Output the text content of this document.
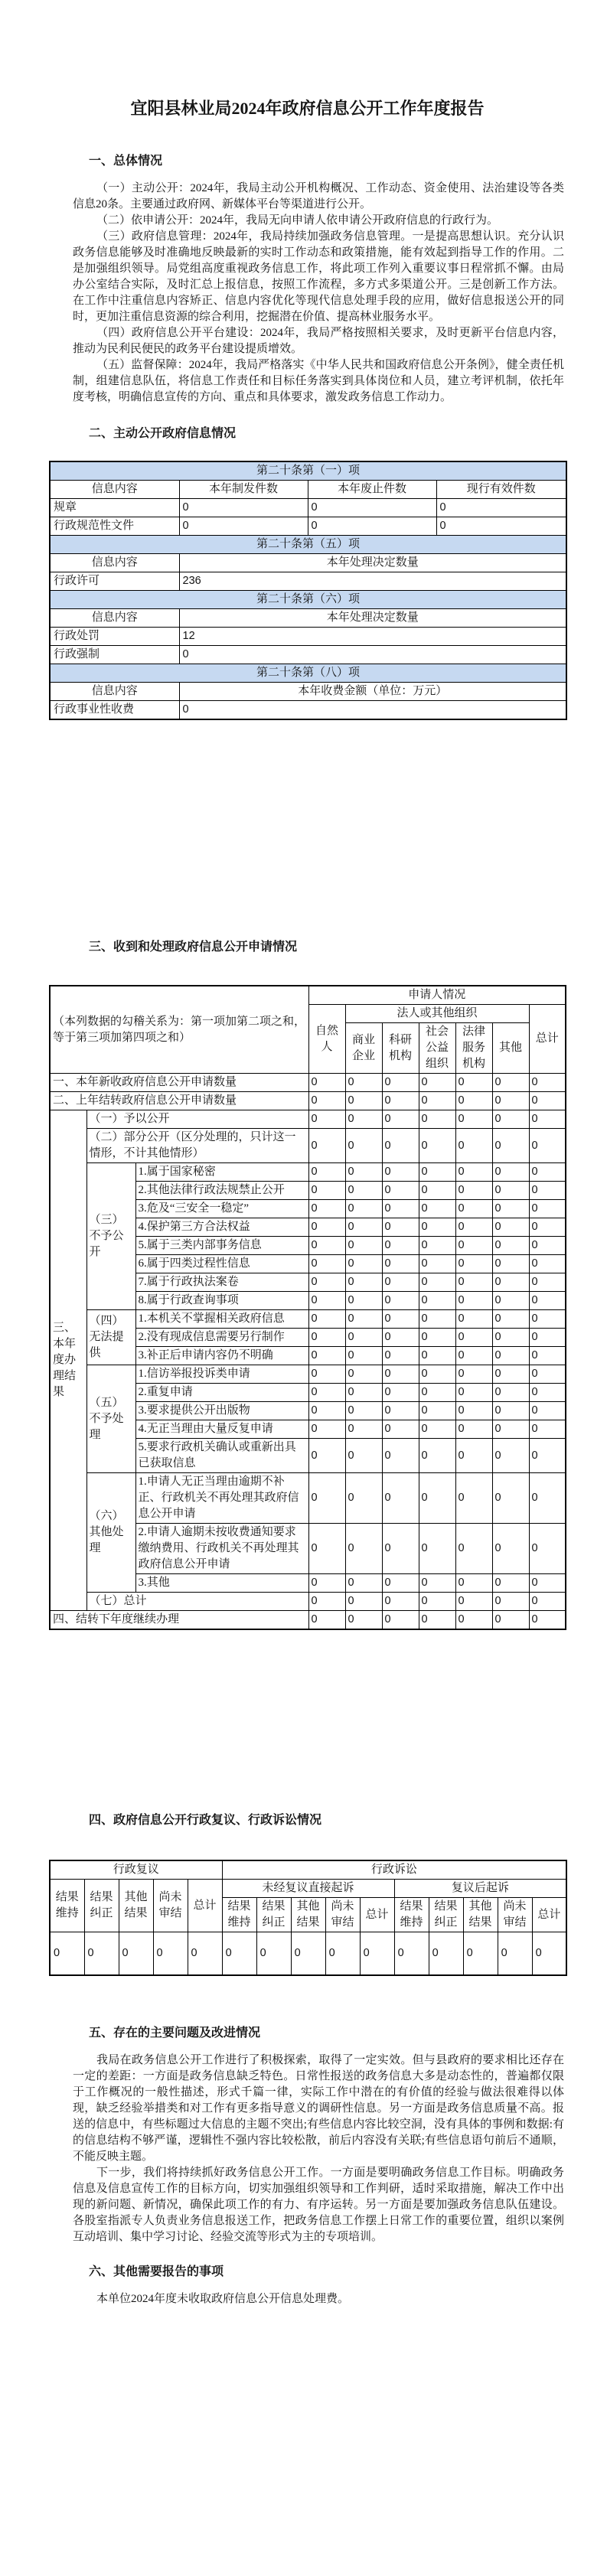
宜阳县林业局2024年政府信息公开工作年度报告
一、总体情况

（一）主动公开：2024年，我局主动公开机构概况、工作动态、资金使用、法治建设等各类信息20条。主要通过政府网、新媒体平台等渠道进行公开。

（二）依申请公开：2024年，我局无向申请人依申请公开政府信息的行政行为。

（三）政府信息管理：2024年，我局持续加强政务信息管理。一是提高思想认识。充分认识政务信息能够及时准确地反映最新的实时工作动态和政策措施，能有效起到指导工作的作用。二是加强组织领导。局党组高度重视政务信息工作，将此项工作列入重要议事日程常抓不懈。由局办公室结合实际，及时汇总上报信息，按照工作流程，多方式多渠道公开。三是创新工作方法。在工作中注重信息内容矫正、信息内容优化等现代信息处理手段的应用，做好信息报送公开的同时，更加注重信息资源的综合利用，挖掘潜在价值、提高林业服务水平。

（四）政府信息公开平台建设：2024年，我局严格按照相关要求，及时更新平台信息内容，推动为民利民便民的政务平台建设提质增效。

（五）监督保障：2024年，我局严格落实《中华人民共和国政府信息公开条例》，健全责任机制，组建信息队伍，将信息工作责任和目标任务落实到具体岗位和人员，建立考评机制，依托年度考核，明确信息宣传的方向、重点和具体要求，激发政务信息工作动力。

二、主动公开政府信息情况
第二十条第（一）项			
信息内容	本年制发件数	本年废止件数	现行有效件数
规章	0	0	0
行政规范性文件	0	0	0
第二十条第（五）项			
信息内容	本年处理决定数量		
行政许可	236		
第二十条第（六）项			
信息内容	本年处理决定数量		
行政处罚	12		
行政强制	0		
第二十条第（八）项			
信息内容	本年收费金额（单位：万元）		
行政事业性收费	0		
三、收到和处理政府信息公开申请情况
（本列数据的勾稽关系为：第一项加第二项之和，等于第三项加第四项之和）			申请人情况						
			自然人	法人或其他组织					总计
				商业企业	科研机构	社会公益组织	法律服务机构	其他	
一、本年新收政府信息公开申请数量			0	0	0	0	0	0	0
二、上年结转政府信息公开申请数量			0	0	0	0	0	0	0
三、本年度办理结果	（一）予以公开		0	0	0	0	0	0	0
	（二）部分公开（区分处理的，只计这一情形，不计其他情形）		0	0	0	0	0	0	0
	（三）不予公开	1.属于国家秘密	0	0	0	0	0	0	0
		2.其他法律行政法规禁止公开	0	0	0	0	0	0	0
		3.危及“三安全一稳定”	0	0	0	0	0	0	0
		4.保护第三方合法权益	0	0	0	0	0	0	0
		5.属于三类内部事务信息	0	0	0	0	0	0	0
		6.属于四类过程性信息	0	0	0	0	0	0	0
		7.属于行政执法案卷	0	0	0	0	0	0	0
		8.属于行政查询事项	0	0	0	0	0	0	0
	（四）无法提供	1.本机关不掌握相关政府信息	0	0	0	0	0	0	0
		2.没有现成信息需要另行制作	0	0	0	0	0	0	0
		3.补正后申请内容仍不明确	0	0	0	0	0	0	0
	（五）不予处理	1.信访举报投诉类申请	0	0	0	0	0	0	0
		2.重复申请	0	0	0	0	0	0	0
		3.要求提供公开出版物	0	0	0	0	0	0	0
		4.无正当理由大量反复申请	0	0	0	0	0	0	0
		5.要求行政机关确认或重新出具已获取信息	0	0	0	0	0	0	0
	（六）其他处理	1.申请人无正当理由逾期不补正、行政机关不再处理其政府信息公开申请	0	0	0	0	0	0	0
		2.申请人逾期未按收费通知要求缴纳费用、行政机关不再处理其政府信息公开申请	0	0	0	0	0	0	0
		3.其他	0	0	0	0	0	0	0
	（七）总计		0	0	0	0	0	0	0
四、结转下年度继续办理			0	0	0	0	0	0	0
四、政府信息公开行政复议、行政诉讼情况
行政复议					行政诉讼									
结果维持	结果纠正	其他结果	尚未审结	总计	未经复议直接起诉					复议后起诉				
					结果维持	结果纠正	其他结果	尚未审结	总计	结果维持	结果纠正	其他结果	尚未审结	总计
0	0	0	0	0	0	0	0	0	0	0	0	0	0	0
五、存在的主要问题及改进情况

我局在政务信息公开工作进行了积极探索，取得了一定实效。但与县政府的要求相比还存在一定的差距：一方面是政务信息缺乏特色。日常性报送的政务信息大多是动态性的，普遍都仅限于工作概况的一般性描述，形式千篇一律，实际工作中潜在的有价值的经验与做法很难得以体现，缺乏经验举措类和对工作有更多指导意义的调研性信息。另一方面是政务信息质量不高。报送的信息中，有些标题过大信息的主题不突出;有些信息内容比较空洞，没有具体的事例和数据:有的信息结构不够严谨，逻辑性不强内容比较松散，前后内容没有关联;有些信息语句前后不通顺，不能反映主题。

下一步，我们将持续抓好政务信息公开工作。一方面是要明确政务信息工作目标。明确政务信息及信息宣传工作的目标方向，切实加强组织领导和工作判研，适时采取措施，解决工作中出现的新问题、新情况，确保此项工作的有力、有序运转。另一方面是要加强政务信息队伍建设。各股室指派专人负责业务信息报送工作，把政务信息工作摆上日常工作的重要位置，组织以案例互动培训、集中学习讨论、经验交流等形式为主的专项培训。

六、其他需要报告的事项

本单位2024年度未收取政府信息公开信息处理费。
